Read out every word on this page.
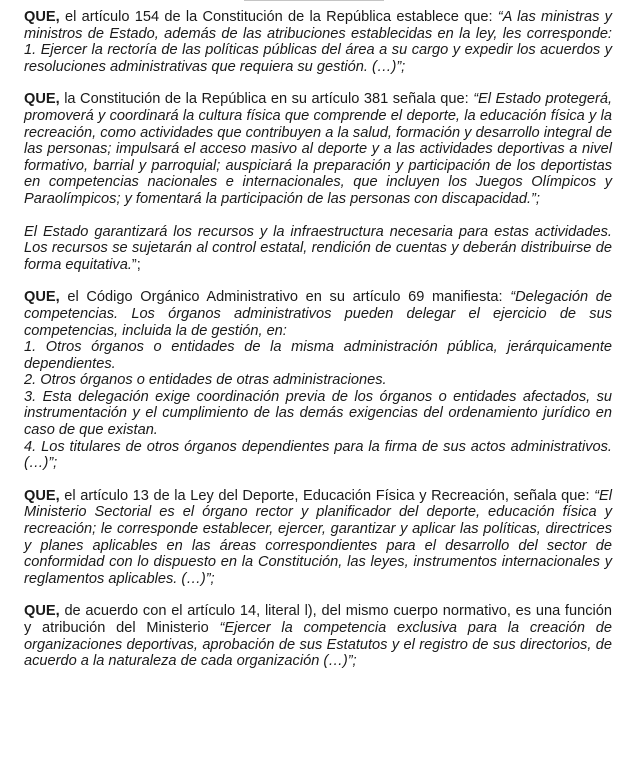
QUE, el artículo 154 de la Constitución de la República establece que: “A las ministras y ministros de Estado, además de las atribuciones establecidas en la ley, les corresponde: 1. Ejercer la rectoría de las políticas públicas del área a su cargo y expedir los acuerdos y resoluciones administrativas que requiera su gestión. (…)”;

QUE, la Constitución de la República en su artículo 381 señala que: “El Estado protegerá, promoverá y coordinará la cultura física que comprende el deporte, la educación física y la recreación, como actividades que contribuyen a la salud, formación y desarrollo integral de las personas; impulsará el acceso masivo al deporte y a las actividades deportivas a nivel formativo, barrial y parroquial; auspiciará la preparación y participación de los deportistas en competencias nacionales e internacionales, que incluyen los Juegos Olímpicos y Paraolímpicos; y fomentará la participación de las personas con discapacidad.”;

El Estado garantizará los recursos y la infraestructura necesaria para estas actividades. Los recursos se sujetarán al control estatal, rendición de cuentas y deberán distribuirse de forma equitativa.”;

QUE, el Código Orgánico Administrativo en su artículo 69 manifiesta: “Delegación de competencias. Los órganos administrativos pueden delegar el ejercicio de sus competencias, incluida la de gestión, en:
1. Otros órganos o entidades de la misma administración pública, jerárquicamente dependientes.
2. Otros órganos o entidades de otras administraciones.
3. Esta delegación exige coordinación previa de los órganos o entidades afectados, su instrumentación y el cumplimiento de las demás exigencias del ordenamiento jurídico en caso de que existan.
4. Los titulares de otros órganos dependientes para la firma de sus actos administrativos. (…)”;

QUE, el artículo 13 de la Ley del Deporte, Educación Física y Recreación, señala que: “El Ministerio Sectorial es el órgano rector y planificador del deporte, educación física y recreación; le corresponde establecer, ejercer, garantizar y aplicar las políticas, directrices y planes aplicables en las áreas correspondientes para el desarrollo del sector de conformidad con lo dispuesto en la Constitución, las leyes, instrumentos internacionales y reglamentos aplicables. (…)”;

QUE, de acuerdo con el artículo 14, literal l), del mismo cuerpo normativo, es una función y atribución del Ministerio “Ejercer la competencia exclusiva para la creación de organizaciones deportivas, aprobación de sus Estatutos y el registro de sus directorios, de acuerdo a la naturaleza de cada organización (…)”;
